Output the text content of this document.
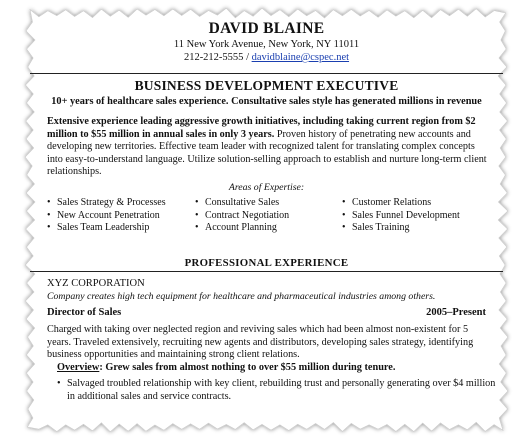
DAVID BLAINE
11 New York Avenue, New York, NY 11011
212-212-5555 / davidblaine@cspec.net
BUSINESS DEVELOPMENT EXECUTIVE
10+ years of healthcare sales experience. Consultative sales style has generated millions in revenue
Extensive experience leading aggressive growth initiatives, including taking current region from $2 million to $55 million in annual sales in only 3 years. Proven history of penetrating new accounts and developing new territories. Effective team leader with recognized talent for translating complex concepts into easy-to-understand language. Utilize solution-selling approach to establish and nurture long-term client relationships.
Areas of Expertise:
• Sales Strategy & Processes
• New Account Penetration
• Sales Team Leadership
• Consultative Sales
• Contract Negotiation
• Account Planning
• Customer Relations
• Sales Funnel Development
• Sales Training
PROFESSIONAL EXPERIENCE
XYZ CORPORATION
Company creates high tech equipment for healthcare and pharmaceutical industries among others.
Director of Sales	2005–Present
Charged with taking over neglected region and reviving sales which had been almost non-existent for 5 years. Traveled extensively, recruiting new agents and distributors, developing sales strategy, identifying business opportunities and maintaining strong client relations.
Overview: Grew sales from almost nothing to over $55 million during tenure.
• Salvaged troubled relationship with key client, rebuilding trust and personally generating over $4 million in additional sales and service contracts.
